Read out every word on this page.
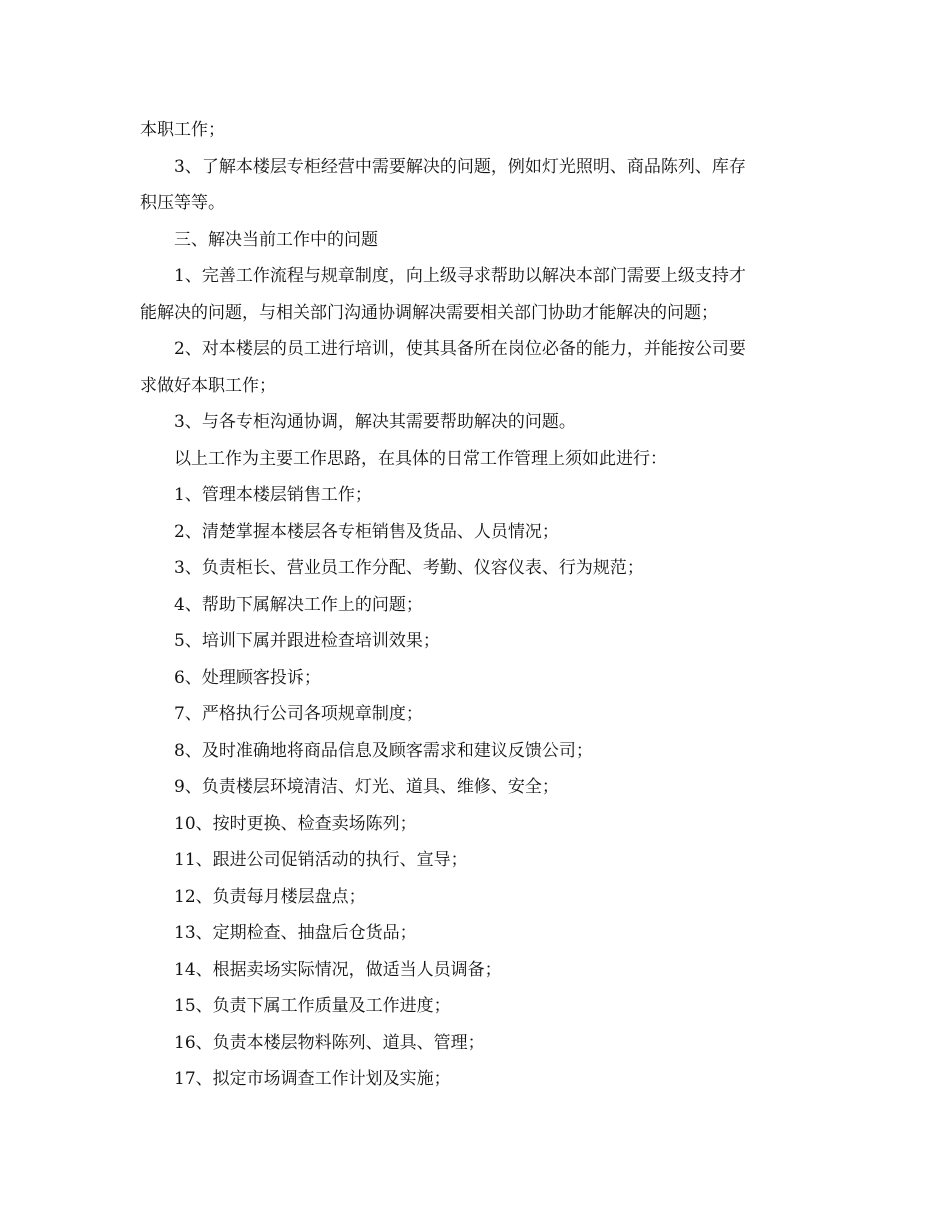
本职工作；

3、了解本楼层专柜经营中需要解决的问题，例如灯光照明、商品陈列、库存

积压等等。

三、解决当前工作中的问题

1、完善工作流程与规章制度，向上级寻求帮助以解决本部门需要上级支持才

能解决的问题，与相关部门沟通协调解决需要相关部门协助才能解决的问题；

2、对本楼层的员工进行培训，使其具备所在岗位必备的能力，并能按公司要

求做好本职工作；

3、与各专柜沟通协调，解决其需要帮助解决的问题。

以上工作为主要工作思路，在具体的日常工作管理上须如此进行：

1、管理本楼层销售工作；

2、清楚掌握本楼层各专柜销售及货品、人员情况；

3、负责柜长、营业员工作分配、考勤、仪容仪表、行为规范；

4、帮助下属解决工作上的问题；

5、培训下属并跟进检查培训效果；

6、处理顾客投诉；

7、严格执行公司各项规章制度；

8、及时准确地将商品信息及顾客需求和建议反馈公司；

9、负责楼层环境清洁、灯光、道具、维修、安全；

10、按时更换、检查卖场陈列；

11、跟进公司促销活动的执行、宣导；

12、负责每月楼层盘点；

13、定期检查、抽盘后仓货品；

14、根据卖场实际情况，做适当人员调备；

15、负责下属工作质量及工作进度；

16、负责本楼层物料陈列、道具、管理；

17、拟定市场调查工作计划及实施；
